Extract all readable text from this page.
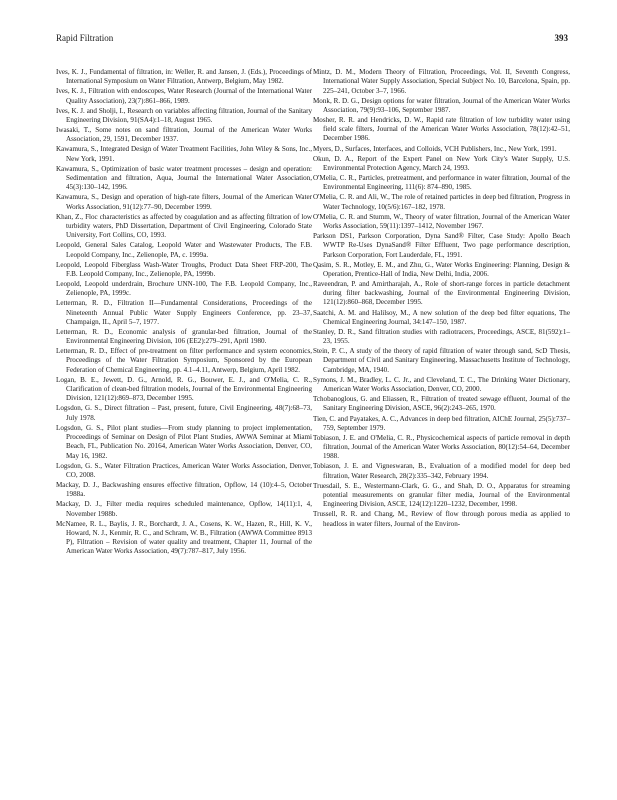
Rapid Filtration	393

Ives, K. J., Fundamental of filtration, in: Weller, R. and Jansen, J. (Eds.), Proceedings of International Symposium on Water Filtration, Antwerp, Belgium, May 1982.

Ives, K. J., Filtration with endoscopes, Water Research (Journal of the International Water Quality Association), 23(7):861–866, 1989.

Ives, K. J. and Sholji, I., Research on variables affecting filtration, Journal of the Sanitary Engineering Division, 91(SA4):1–18, August 1965.

Iwasaki, T., Some notes on sand filtration, Journal of the American Water Works Association, 29, 1591, December 1937.

Kawamura, S., Integrated Design of Water Treatment Facilities, John Wiley & Sons, Inc., New York, 1991.

Kawamura, S., Optimization of basic water treatment processes – design and operation: Sedimentation and filtration, Aqua, Journal the International Water Association, 45(3):130–142, 1996.

Kawamura, S., Design and operation of high-rate filters, Journal of the American Water Works Association, 91(12):77–90, December 1999.

Khan, Z., Floc characteristics as affected by coagulation and as affecting filtration of low turbidity waters, PhD Dissertation, Department of Civil Engineering, Colorado State University, Fort Collins, CO, 1993.

Leopold, General Sales Catalog, Leopold Water and Wastewater Products, The F.B. Leopold Company, Inc., Zelienople, PA, c. 1999a.

Leopold, Leopold Fiberglass Wash-Water Troughs, Product Data Sheet FRP-200, The F.B. Leopold Company, Inc., Zelienople, PA, 1999b.

Leopold, Leopold underdrain, Brochure UNN-100, The F.B. Leopold Company, Inc., Zelienople, PA, 1999c.

Letterman, R. D., Filtration II—Fundamental Considerations, Proceedings of the Nineteenth Annual Public Water Supply Engineers Conference, pp. 23–37, Champaign, IL, April 5–7, 1977.

Letterman, R. D., Economic analysis of granular-bed filtration, Journal of the Environmental Engineering Division, 106 (EE2):279–291, April 1980.

Letterman, R. D., Effect of pre-treatment on filter performance and system economics, Proceedings of the Water Filtration Symposium, Sponsored by the European Federation of Chemical Engineering, pp. 4.1–4.11, Antwerp, Belgium, April 1982.

Logan, B. E., Jewett, D. G., Arnold, R. G., Bouwer, E. J., and O'Melia, C. R., Clarification of clean-bed filtration models, Journal of the Environmental Engineering Division, 121(12):869–873, December 1995.

Logsdon, G. S., Direct filtration – Past, present, future, Civil Engineering, 48(7):68–73, July 1978.

Logsdon, G. S., Pilot plant studies—From study planning to project implementation, Proceedings of Seminar on Design of Pilot Plant Studies, AWWA Seminar at Miami Beach, FL, Publication No. 20164, American Water Works Association, Denver, CO, May 16, 1982.

Logsdon, G. S., Water Filtration Practices, American Water Works Association, Denver, CO, 2008.

Mackay, D. J., Backwashing ensures effective filtration, Opflow, 14 (10):4–5, October 1988a.

Mackay, D. J., Filter media requires scheduled maintenance, Opflow, 14(11):1, 4, November 1988b.

McNamee, R. L., Baylis, J. R., Borchardt, J. A., Cosens, K. W., Hazen, R., Hill, K. V., Howard, N. J., Kenmir, R. C., and Schram, W. B., Filtration (AWWA Committee 8913 P), Filtration – Revision of water quality and treatment, Chapter 11, Journal of the American Water Works Association, 49(7):787–817, July 1956.

Mintz, D. M., Modern Theory of Filtration, Proceedings, Vol. II, Seventh Congress, International Water Supply Association, Special Subject No. 10, Barcelona, Spain, pp. 225–241, October 3–7, 1966.

Monk, R. D. G., Design options for water filtration, Journal of the American Water Works Association, 79(9):93–106, September 1987.

Mosher, R. R. and Hendricks, D. W., Rapid rate filtration of low turbidity water using field scale filters, Journal of the American Water Works Association, 78(12):42–51, December 1986.

Myers, D., Surfaces, Interfaces, and Colloids, VCH Publishers, Inc., New York, 1991.

Okun, D. A., Report of the Expert Panel on New York City's Water Supply, U.S. Environmental Protection Agency, March 24, 1993.

O'Melia, C. R., Particles, pretreatment, and performance in water filtration, Journal of the Environmental Engineering, 111(6): 874–890, 1985.

O'Melia, C. R. and Ali, W., The role of retained particles in deep bed filtration, Progress in Water Technology, 10(5/6):167–182, 1978.

O'Melia, C. R. and Stumm, W., Theory of water filtration, Journal of the American Water Works Association, 59(11):1397–1412, November 1967.

Parkson DS1, Parkson Corporation, Dyna Sand® Filter, Case Study: Apollo Beach WWTP Re-Uses DynaSand® Filter Effluent, Two page performance description, Parkson Corporation, Fort Lauderdale, FL, 1991.

Qasim, S. R., Motley, E. M., and Zhu, G., Water Works Engineering: Planning, Design & Operation, Prentice-Hall of India, New Delhi, India, 2006.

Raveendran, P. and Amirtharajah, A., Role of short-range forces in particle detachment during filter backwashing, Journal of the Environmental Engineering Division, 121(12):860–868, December 1995.

Saatchi, A. M. and Halilsoy, M., A new solution of the deep bed filter equations, The Chemical Engineering Journal, 34:147–150, 1987.

Stanley, D. R., Sand filtration studies with radiotracers, Proceedings, ASCE, 81(592):1–23, 1955.

Stein, P. C., A study of the theory of rapid filtration of water through sand, ScD Thesis, Department of Civil and Sanitary Engineering, Massachusetts Institute of Technology, Cambridge, MA, 1940.

Symons, J. M., Bradley, L. C. Jr., and Cleveland, T. C., The Drinking Water Dictionary, American Water Works Association, Denver, CO, 2000.

Tchobanoglous, G. and Eliassen, R., Filtration of treated sewage effluent, Journal of the Sanitary Engineering Division, ASCE, 96(2):243–265, 1970.

Tien, C. and Payatakes, A. C., Advances in deep bed filtration, AIChE Journal, 25(5):737–759, September 1979.

Tobiason, J. E. and O'Melia, C. R., Physicochemical aspects of particle removal in depth filtration, Journal of the American Water Works Association, 80(12):54–64, December 1988.

Tobiason, J. E. and Vigneswaran, B., Evaluation of a modified model for deep bed filtration, Water Research, 28(2):335–342, February 1994.

Truesdail, S. E., Westermann-Clark, G. G., and Shah, D. O., Apparatus for streaming potential measurements on granular filter media, Journal of the Environmental Engineering Division, ASCE, 124(12):1220–1232, December, 1998.

Trussell, R. R. and Chang, M., Review of flow through porous media as applied to headloss in water filters, Journal of the Environ-
